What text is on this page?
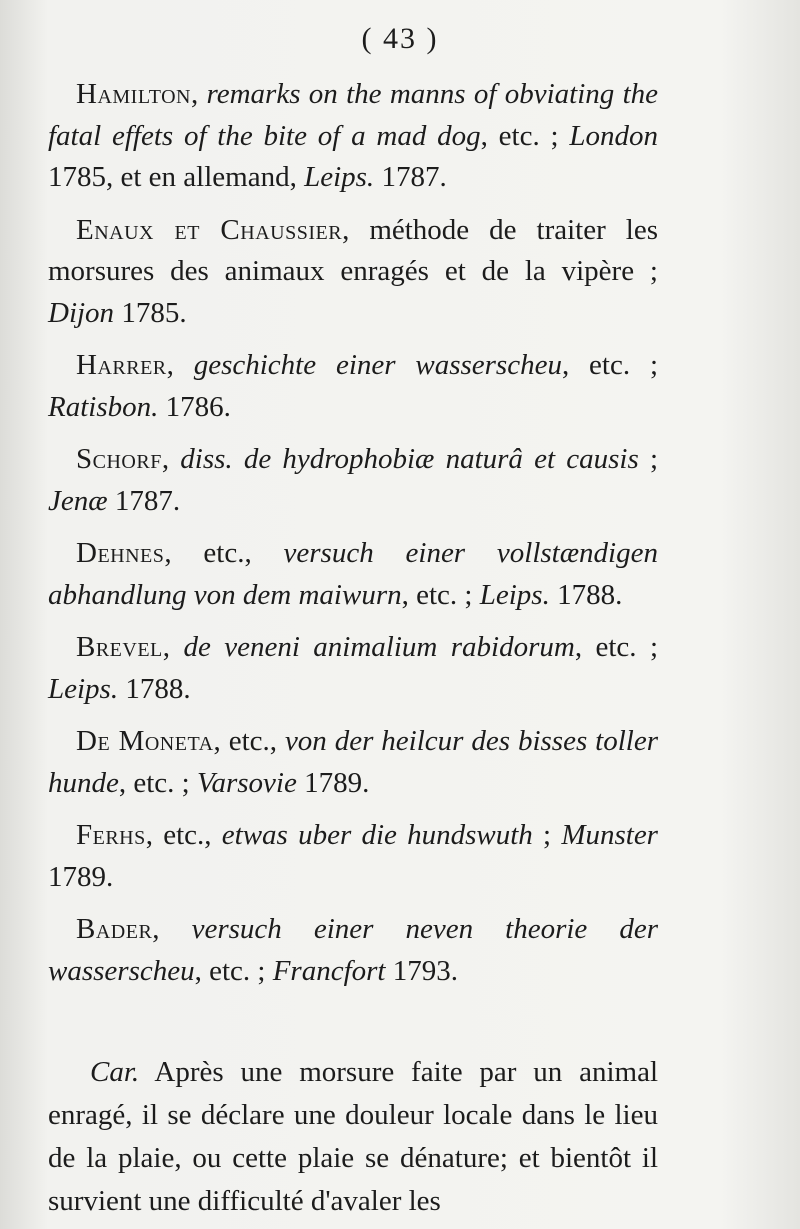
( 43 )

Hamilton, remarks on the manns of obviating the fatal effets of the bite of a mad dog, etc. ; London 1785, et en allemand, Leips. 1787.

Enaux et Chaussier, méthode de traiter les morsures des animaux enragés et de la vipère ; Dijon 1785.

Harrer, geschichte einer wasserscheu, etc. ; Ratisbon. 1786.

Schorf, diss. de hydrophobiæ naturâ et causis ; Jenæ 1787.

Dehnes, etc., versuch einer vollstændigen abhandlung von dem maiwurn, etc. ; Leips. 1788.

Brevel, de veneni animalium rabidorum, etc. ; Leips. 1788.

De Moneta, etc., von der heilcur des bisses toller hunde, etc. ; Varsovie 1789.

Ferhs, etc., etwas uber die hundswuth ; Munster 1789.

Bader, versuch einer neven theorie der wasserscheu, etc. ; Francfort 1793.

Car. Après une morsure faite par un animal enragé, il se déclare une douleur locale dans le lieu de la plaie, ou cette plaie se dénature; et bientôt il survient une difficulté d'avaler les
